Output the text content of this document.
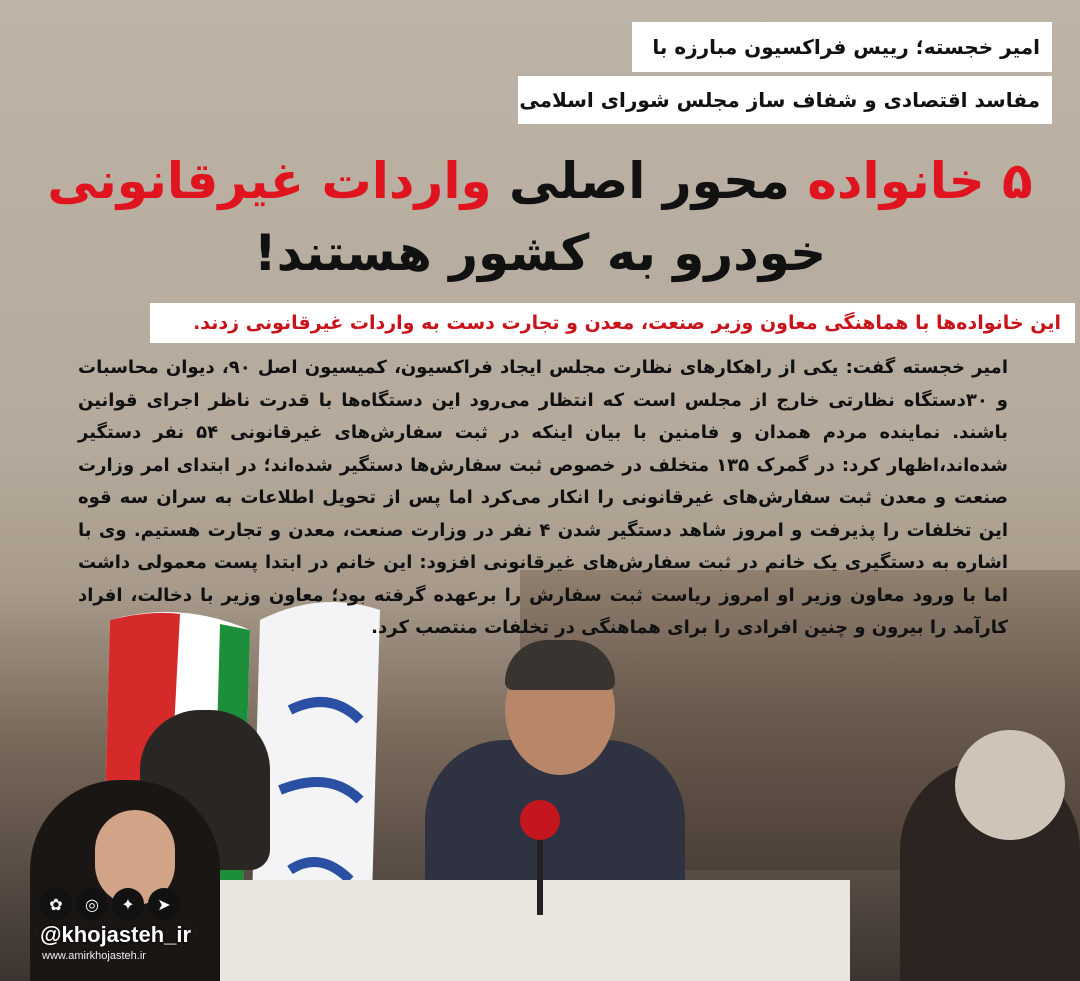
امیر خجسته؛ رییس فراکسیون مبارزه با
مفاسد اقتصادی و شفاف ساز مجلس شورای اسلامی
۵ خانواده محور اصلی واردات غیرقانونی
خودرو به کشور هستند!
این خانواده‌ها با هماهنگی معاون وزیر صنعت، معدن و تجارت دست به واردات غیرقانونی زدند.
امیر خجسته گفت: یکی از راهکارهای نظارت مجلس ایجاد فراکسیون، کمیسیون اصل ۹۰، دیوان محاسبات و ۳۰دستگاه نظارتی خارج از مجلس است که انتظار می‌رود این دستگاه‌ها با قدرت ناظر اجرای قوانین باشند. نماینده مردم همدان و فامنین با بیان اینکه در ثبت سفارش‌های غیرقانونی ۵۴ نفر دستگیر شده‌اند،اظهار کرد: در گمرک ۱۳۵ متخلف در خصوص ثبت سفارش‌ها دستگیر شده‌اند؛ در ابتدای امر وزارت صنعت و معدن ثبت سفارش‌های غیرقانونی را انکار می‌کرد اما پس از تحویل اطلاعات به سران سه قوه این تخلفات را پذیرفت و امروز شاهد دستگیر شدن ۴ نفر در وزارت صنعت، معدن و تجارت هستیم. وی با اشاره به دستگیری یک خانم در ثبت سفارش‌های غیرقانونی افزود: این خانم در ابتدا پست معمولی داشت اما با ورود معاون وزیر او امروز ریاست ثبت سفارش را برعهده گرفته بود؛ معاون وزیر با دخالت، افراد کارآمد را بیرون و چنین افرادی را برای هماهنگی در تخلفات منتصب کرد.
➤
✦
◎
✿
@khojasteh_ir
www.amirkhojasteh.ir
